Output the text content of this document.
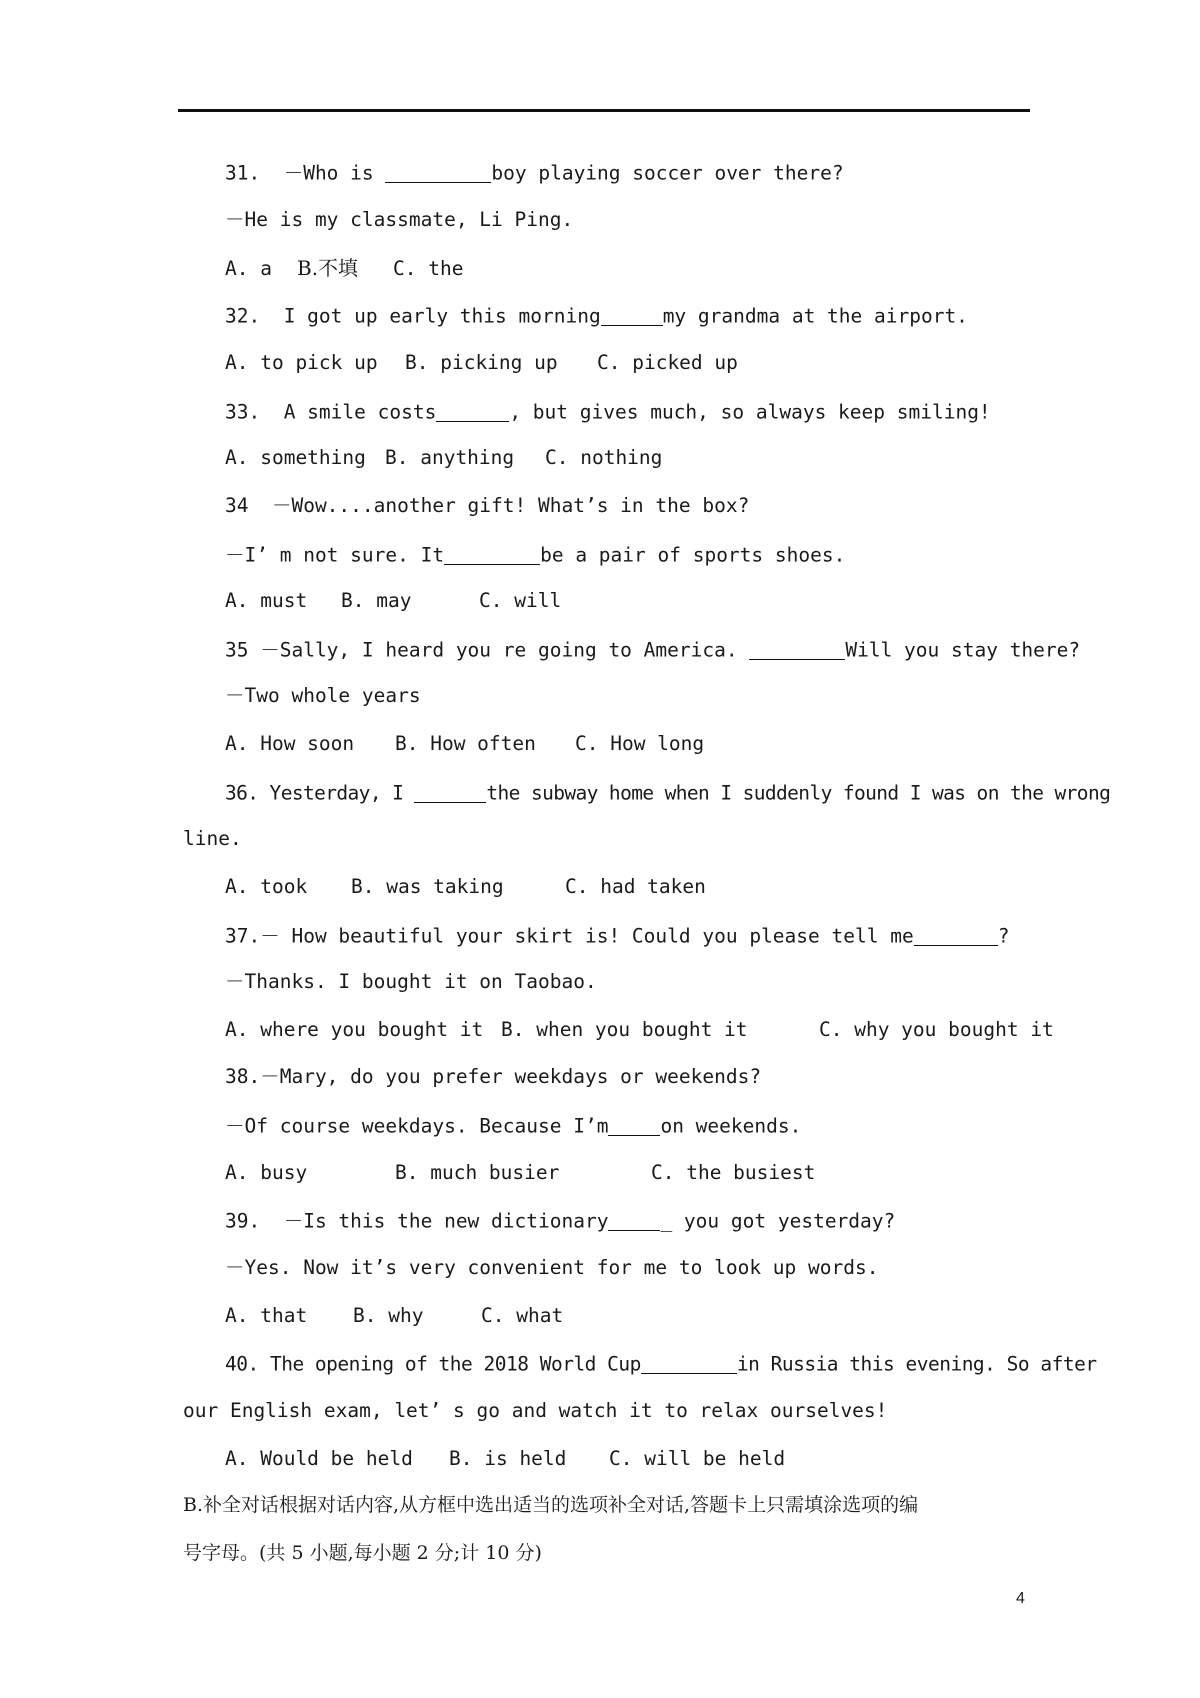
31.  －Who is	boy playing soccer over there?
－He is my classmate, Li Ping.
A. a B.不填 C. the
32.  I got up early this morning	my grandma at the airport.
A. to pick up B. picking up C. picked up
33.  A smile costs	, but gives much, so always keep smiling!
A. something B. anything C. nothing
34  －Wow....another gift! What’s in the box?
－I’ m not sure. It	be a pair of sports shoes.
A. must B. may	C. will
35 －Sally, I heard you re going to America.	Will you stay there?
－Two whole years
A. How soon B. How often C. How long
36. Yesterday, I	the subway home when I suddenly found I was on the wrong
line.
A. took B. was taking	C. had taken
37.－ How beautiful your skirt is! Could you please tell me	?
－Thanks. I bought it on Taobao.
A. where you bought it B. when you bought it	C. why you bought it
38.－Mary, do you prefer weekdays or weekends?
－Of course weekdays. Because I’m	on weekends.
A. busy	B. much busier	C. the busiest
39.  －Is this the new dictionary	_ you got yesterday?
－Yes. Now it’s very convenient for me to look up words.
A. that B. why	C. what
40. The opening of the 2018 World Cup	in Russia this evening. So after
our English exam, let’ s go and watch it to relax ourselves!
A. Would be held B. is held C. will be held
B.补全对话根据对话内容,从方框中选出适当的选项补全对话,答题卡上只需填涂选项的编
号字母。(共 5 小题,每小题 2 分;计 10 分)
4
